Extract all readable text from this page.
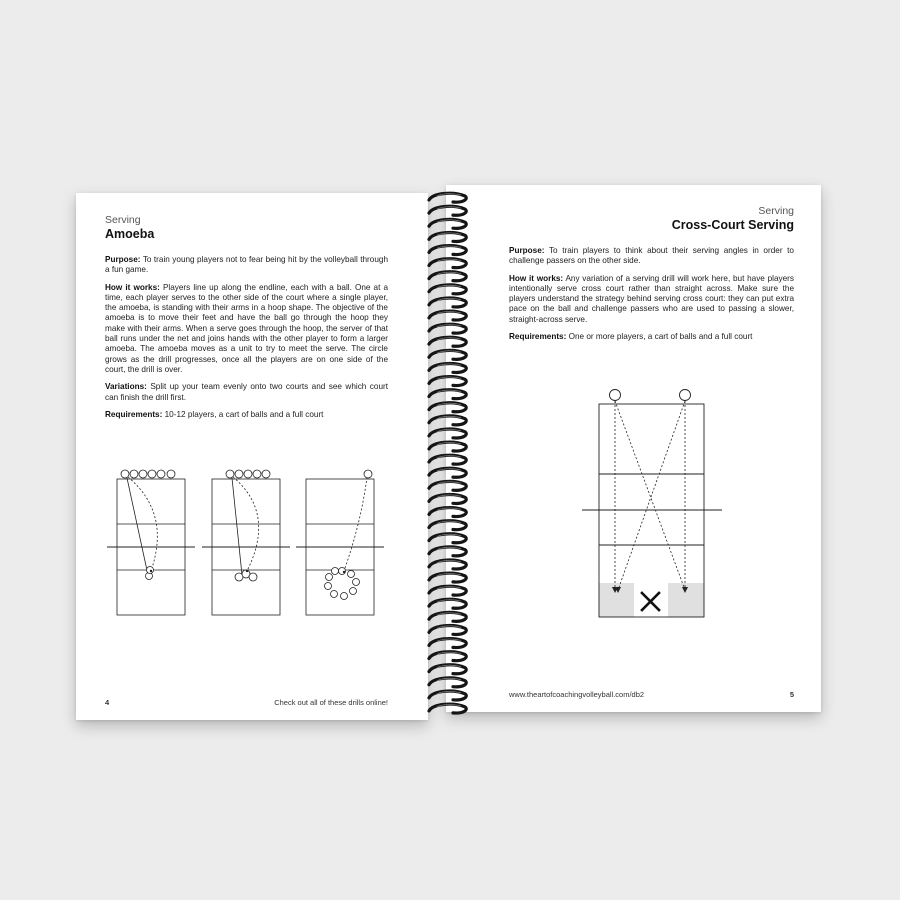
Serving
Amoeba

Purpose: To train young players not to fear being hit by the volleyball through a fun game.

How it works: Players line up along the endline, each with a ball. One at a time, each player serves to the other side of the court where a single player, the amoeba, is standing with their arms in a hoop shape. The objective of the amoeba is to move their feet and have the ball go through the hoop they make with their arms. When a serve goes through the hoop, the server of that ball runs under the net and joins hands with the other player to form a larger amoeba. The amoeba moves as a unit to try to meet the serve. The circle grows as the drill progresses, once all the players are on one side of the court, the drill is over.

Variations: Split up your team evenly onto two courts and see which court can finish the drill first.

Requirements: 10-12 players, a cart of balls and a full court

4	Check out all of these drills online!
Serving
Cross-Court Serving

Purpose: To train players to think about their serving angles in order to challenge passers on the other side.

How it works: Any variation of a serving drill will work here, but have players intentionally serve cross court rather than straight across. Make sure the players understand the strategy behind serving cross court: they can put extra pace on the ball and challenge passers who are used to passing a slower, straight-across serve.

Requirements: One or more players, a cart of balls and a full court

www.theartofcoachingvolleyball.com/db2	5
